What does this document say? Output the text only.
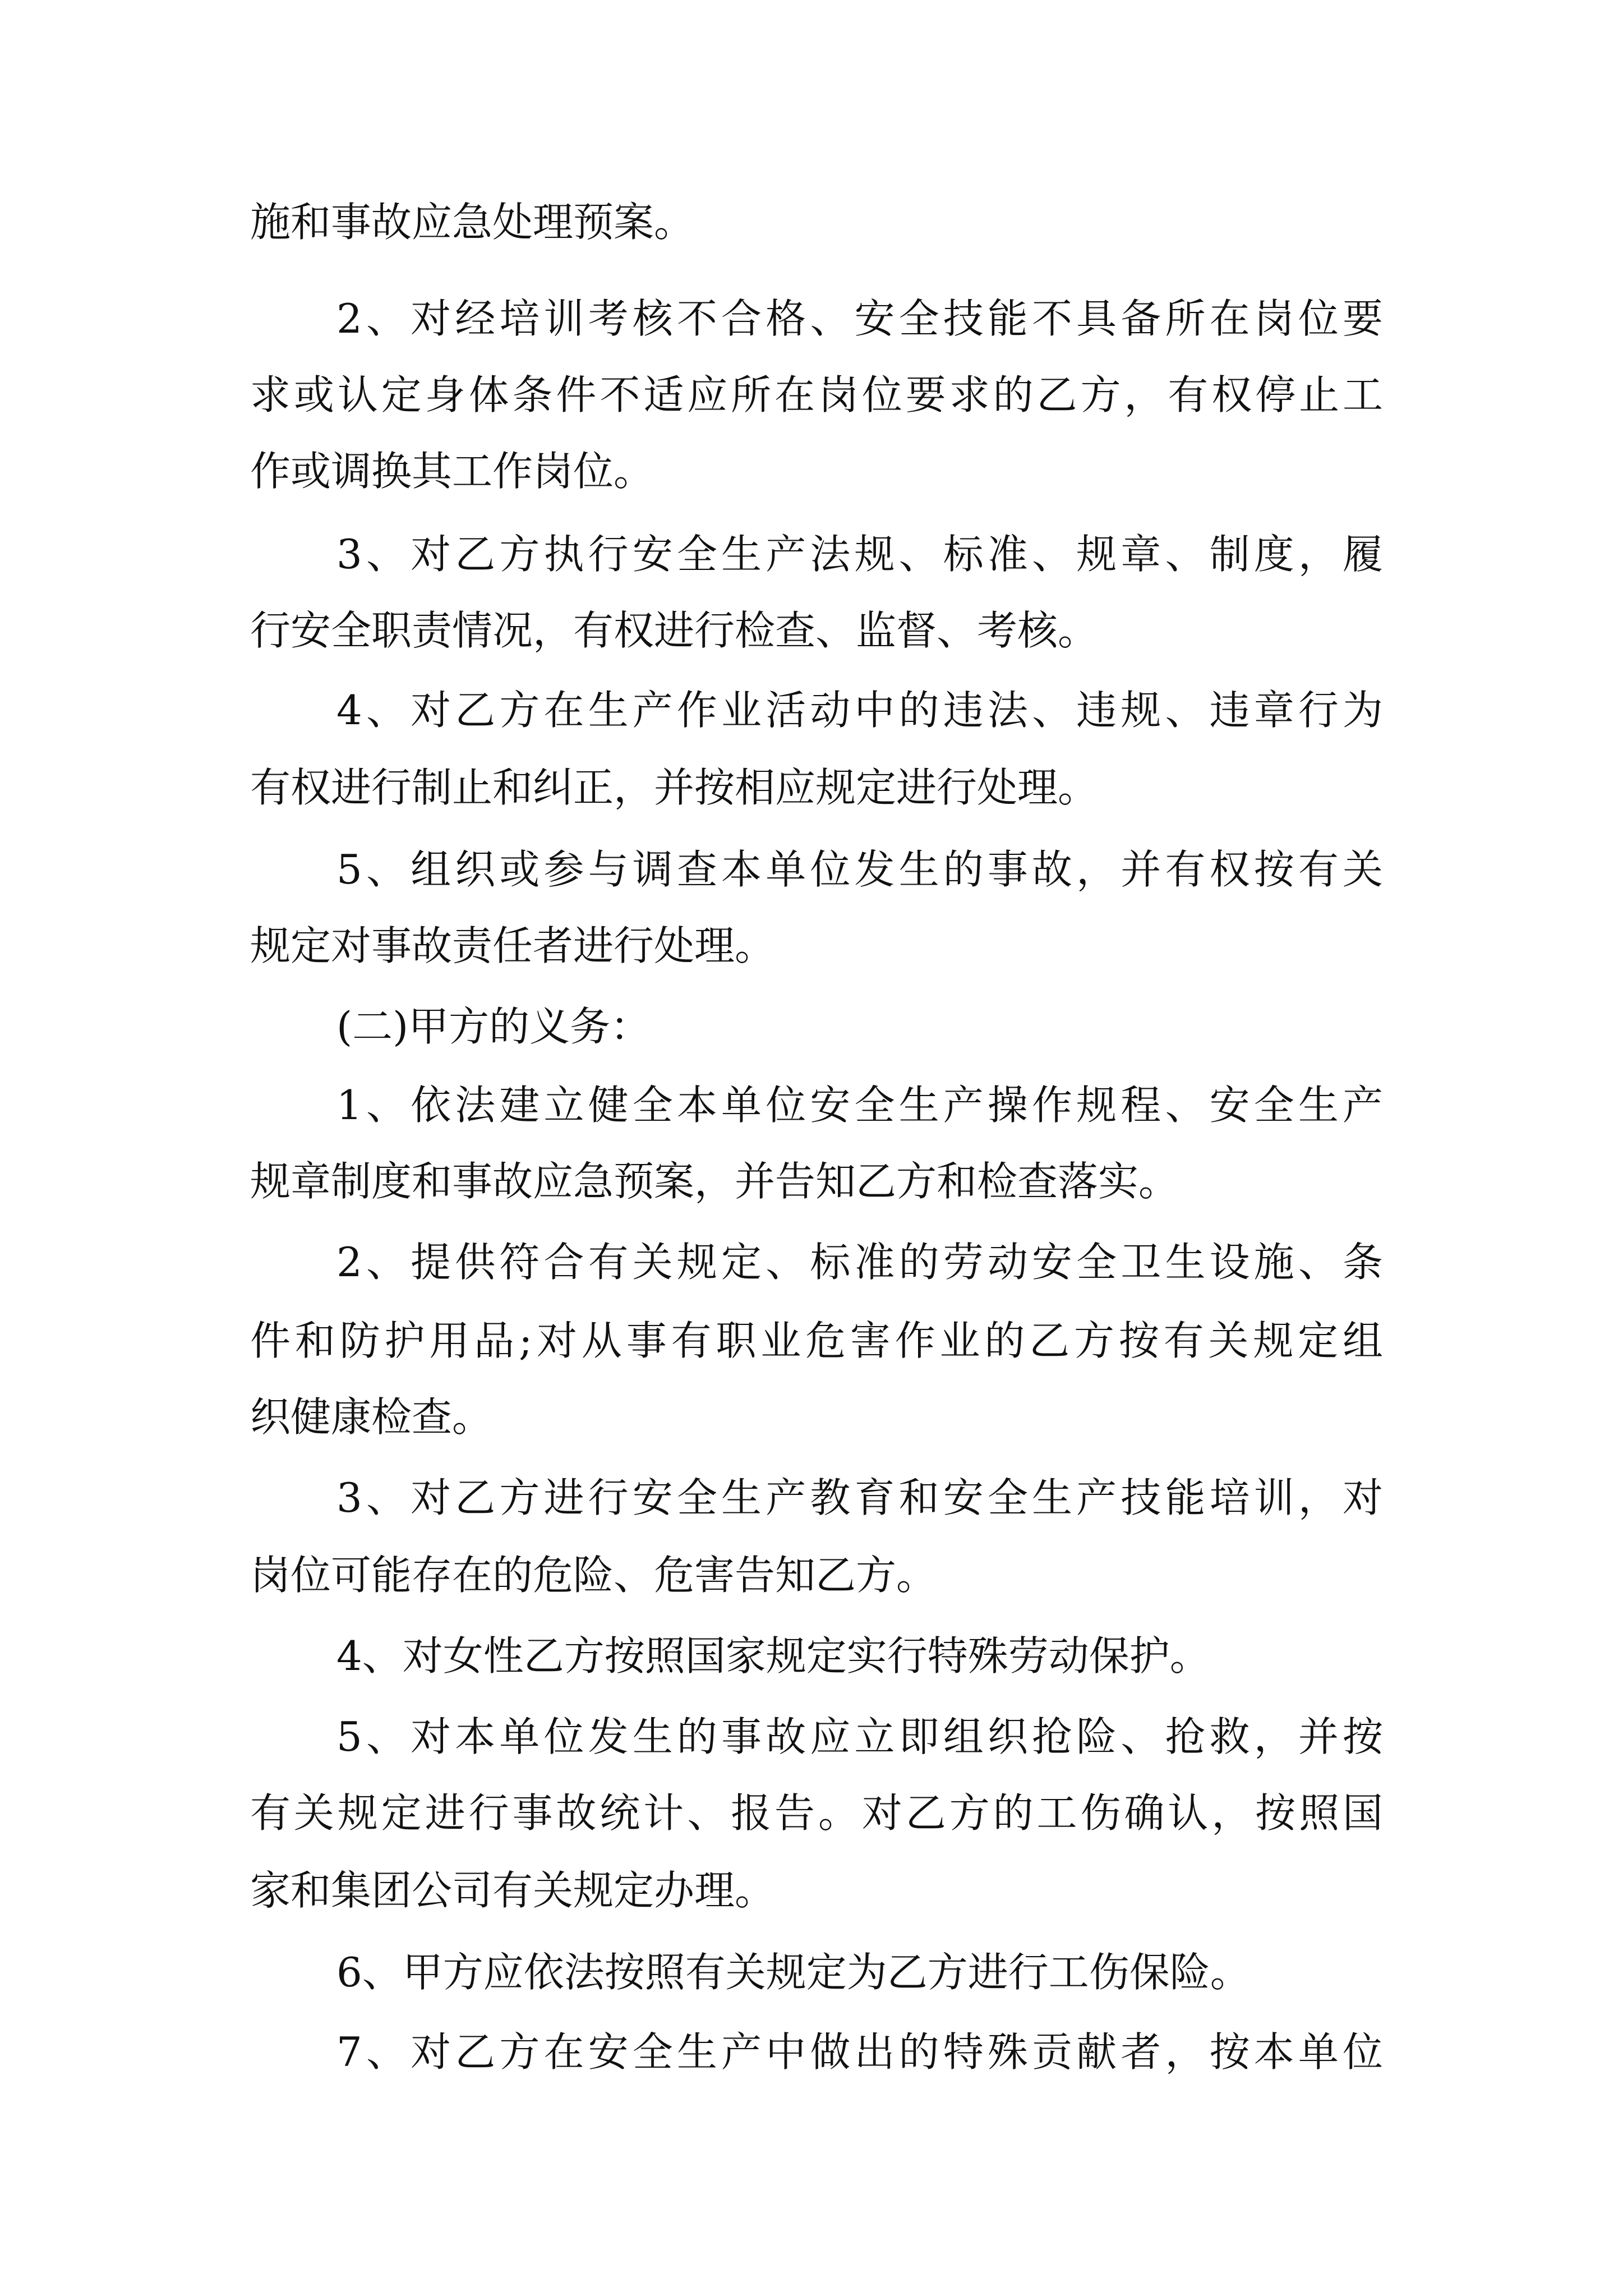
施和事故应急处理预案。
2、对经培训考核不合格、安全技能不具备所在岗位要
求或认定身体条件不适应所在岗位要求的乙方，有权停止工
作或调换其工作岗位。
3、对乙方执行安全生产法规、标准、规章、制度，履
行安全职责情况，有权进行检查、监督、考核。
4、对乙方在生产作业活动中的违法、违规、违章行为
有权进行制止和纠正，并按相应规定进行处理。
5、组织或参与调查本单位发生的事故，并有权按有关
规定对事故责任者进行处理。
(二)甲方的义务：
1、依法建立健全本单位安全生产操作规程、安全生产
规章制度和事故应急预案，并告知乙方和检查落实。
2、提供符合有关规定、标准的劳动安全卫生设施、条
件和防护用品;对从事有职业危害作业的乙方按有关规定组
织健康检查。
3、对乙方进行安全生产教育和安全生产技能培训，对
岗位可能存在的危险、危害告知乙方。
4、对女性乙方按照国家规定实行特殊劳动保护。
5、对本单位发生的事故应立即组织抢险、抢救，并按
有关规定进行事故统计、报告。对乙方的工伤确认，按照国
家和集团公司有关规定办理。
6、甲方应依法按照有关规定为乙方进行工伤保险。
7、对乙方在安全生产中做出的特殊贡献者，按本单位
